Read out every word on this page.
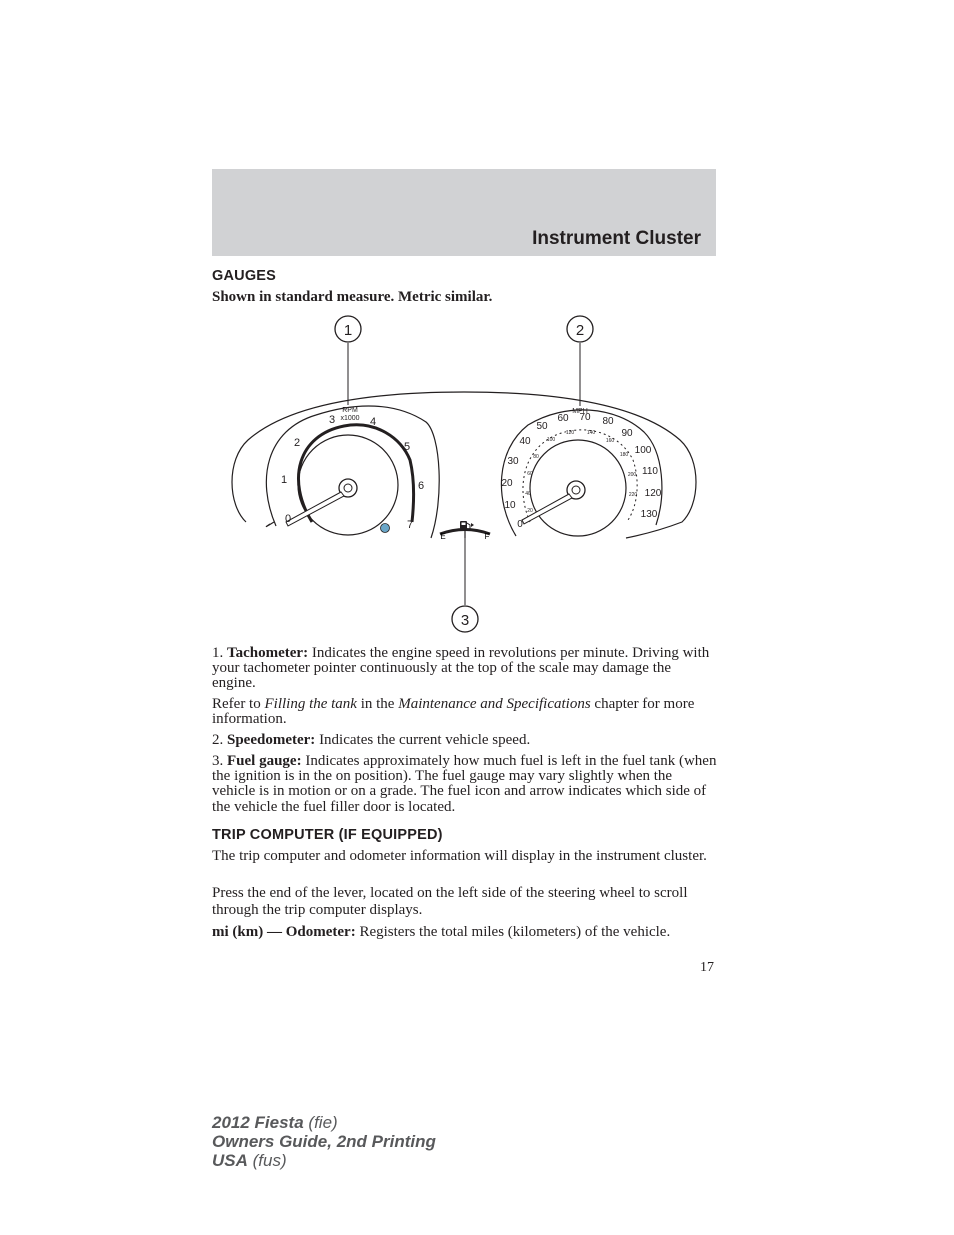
Instrument Cluster
GAUGES

Shown in standard measure. Metric similar.

RPM
x1000
0
1
2
3	4
5
6
7
MPH
0
10
20
30
40
50
60 70 80
90
100
110
120
130
20
40
60
80
100
120	140
160
180
200
220
E	F
1	2
3

1. Tachometer: Indicates the engine speed in revolutions per minute. Driving with your tachometer pointer continuously at the top of the scale may damage the engine.

Refer to Filling the tank in the Maintenance and Specifications chapter for more information.

2. Speedometer: Indicates the current vehicle speed.

3. Fuel gauge: Indicates approximately how much fuel is left in the fuel tank (when the ignition is in the on position). The fuel gauge may vary slightly when the vehicle is in motion or on a grade. The fuel icon and arrow indicates which side of the vehicle the fuel filler door is located.

TRIP COMPUTER (IF EQUIPPED)

The trip computer and odometer information will display in the instrument cluster.

Press the end of the lever, located on the left side of the steering wheel to scroll through the trip computer displays.

mi (km) — Odometer: Registers the total miles (kilometers) of the vehicle.

17
2012 Fiesta (fie)
Owners Guide, 2nd Printing
USA (fus)
